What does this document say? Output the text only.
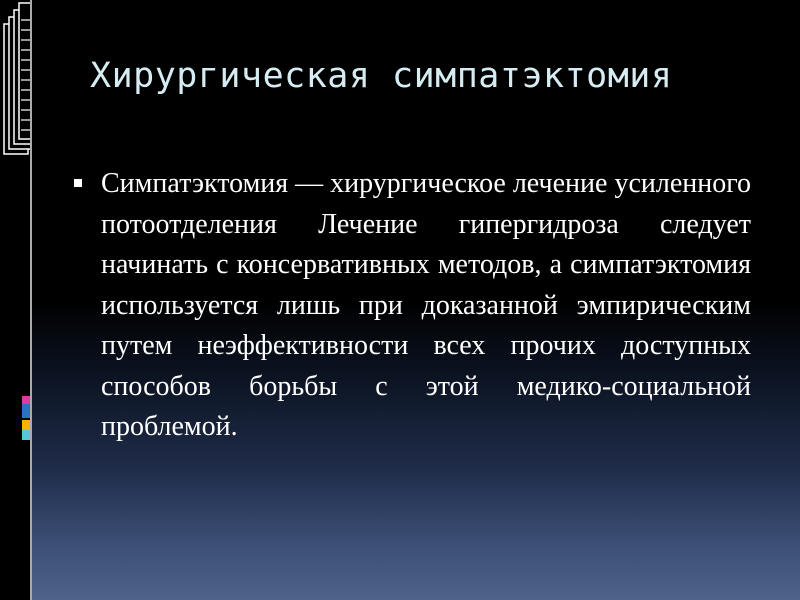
Хирургическая симпатэктомия

Симпатэктомия — хирургическое лечение усиленного потоотделения Лечение гипергидроза следует начинать с консервативных методов, а симпатэктомия используется лишь при доказанной эмпирическим путем неэффективности всех прочих доступных способов борьбы с этой медико-социальной проблемой.
